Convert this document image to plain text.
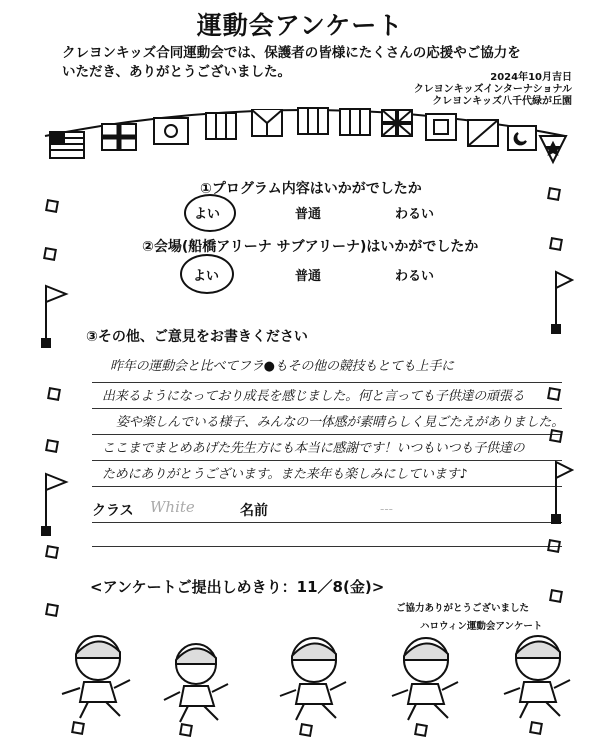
運動会アンケート
クレヨンキッズ合同運動会では、保護者の皆様にたくさんの応援やご協力を
いただき、ありがとうございました。	2024年10月吉日
クレヨンキッズインターナショナル
クレヨンキッズ八千代緑が丘園
①プログラム内容はいかがでしたか
よい	普通	わるい
②会場(船橋アリーナ サブアリーナ)はいかがでしたか
よい	普通	わるい
③その他、ご意見をお書きください
昨年の運動会と比べてフラ●もその他の競技もとても上手に
出来るようになっており成長を感じました。何と言っても子供達の頑張る
姿や楽しんでいる様子、みんなの一体感が素晴らしく見ごたえがありました。
ここまでまとめあげた先生方にも本当に感謝です！いつもいつも子供達の
ためにありがとうございます。また来年も楽しみにしています♪
クラス White	名前	---
<アンケートご提出しめきり：11／8(金)>
ご協力ありがとうございました
ハロウィン運動会アンケート
